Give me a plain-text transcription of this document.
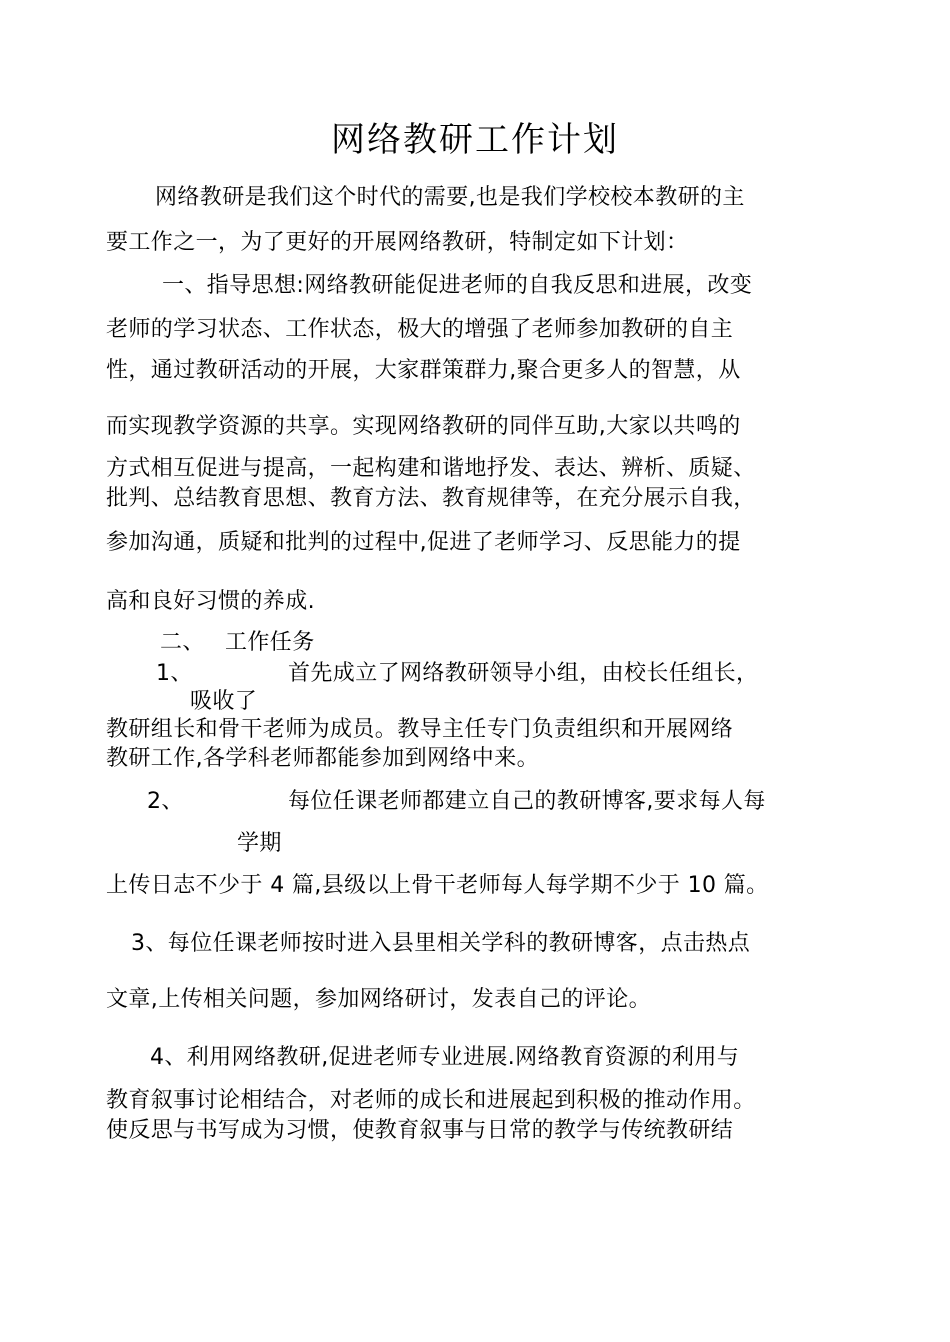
网络教研工作计划
网络教研是我们这个时代的需要,也是我们学校校本教研的主
要工作之一，为了更好的开展网络教研，特制定如下计划：
一、指导思想:网络教研能促进老师的自我反思和进展，改变
老师的学习状态、工作状态，极大的增强了老师参加教研的自主
性，通过教研活动的开展，大家群策群力,聚合更多人的智慧，从
而实现教学资源的共享。实现网络教研的同伴互助,大家以共鸣的
方式相互促进与提高，一起构建和谐地抒发、表达、辨析、质疑、
批判、总结教育思想、教育方法、教育规律等，在充分展示自我，
参加沟通，质疑和批判的过程中,促进了老师学习、反思能力的提
高和良好习惯的养成.
二、 工作任务
1、	首先成立了网络教研领导小组，由校长任组长，
吸收了
教研组长和骨干老师为成员。教导主任专门负责组织和开展网络
教研工作,各学科老师都能参加到网络中来。
2、	每位任课老师都建立自己的教研博客,要求每人每
学期
上传日志不少于 4 篇,县级以上骨干老师每人每学期不少于 10 篇。
3、每位任课老师按时进入县里相关学科的教研博客，点击热点
文章,上传相关问题，参加网络研讨，发表自己的评论。
4、利用网络教研,促进老师专业进展.网络教育资源的利用与
教育叙事讨论相结合，对老师的成长和进展起到积极的推动作用。
使反思与书写成为习惯，使教育叙事与日常的教学与传统教研结
